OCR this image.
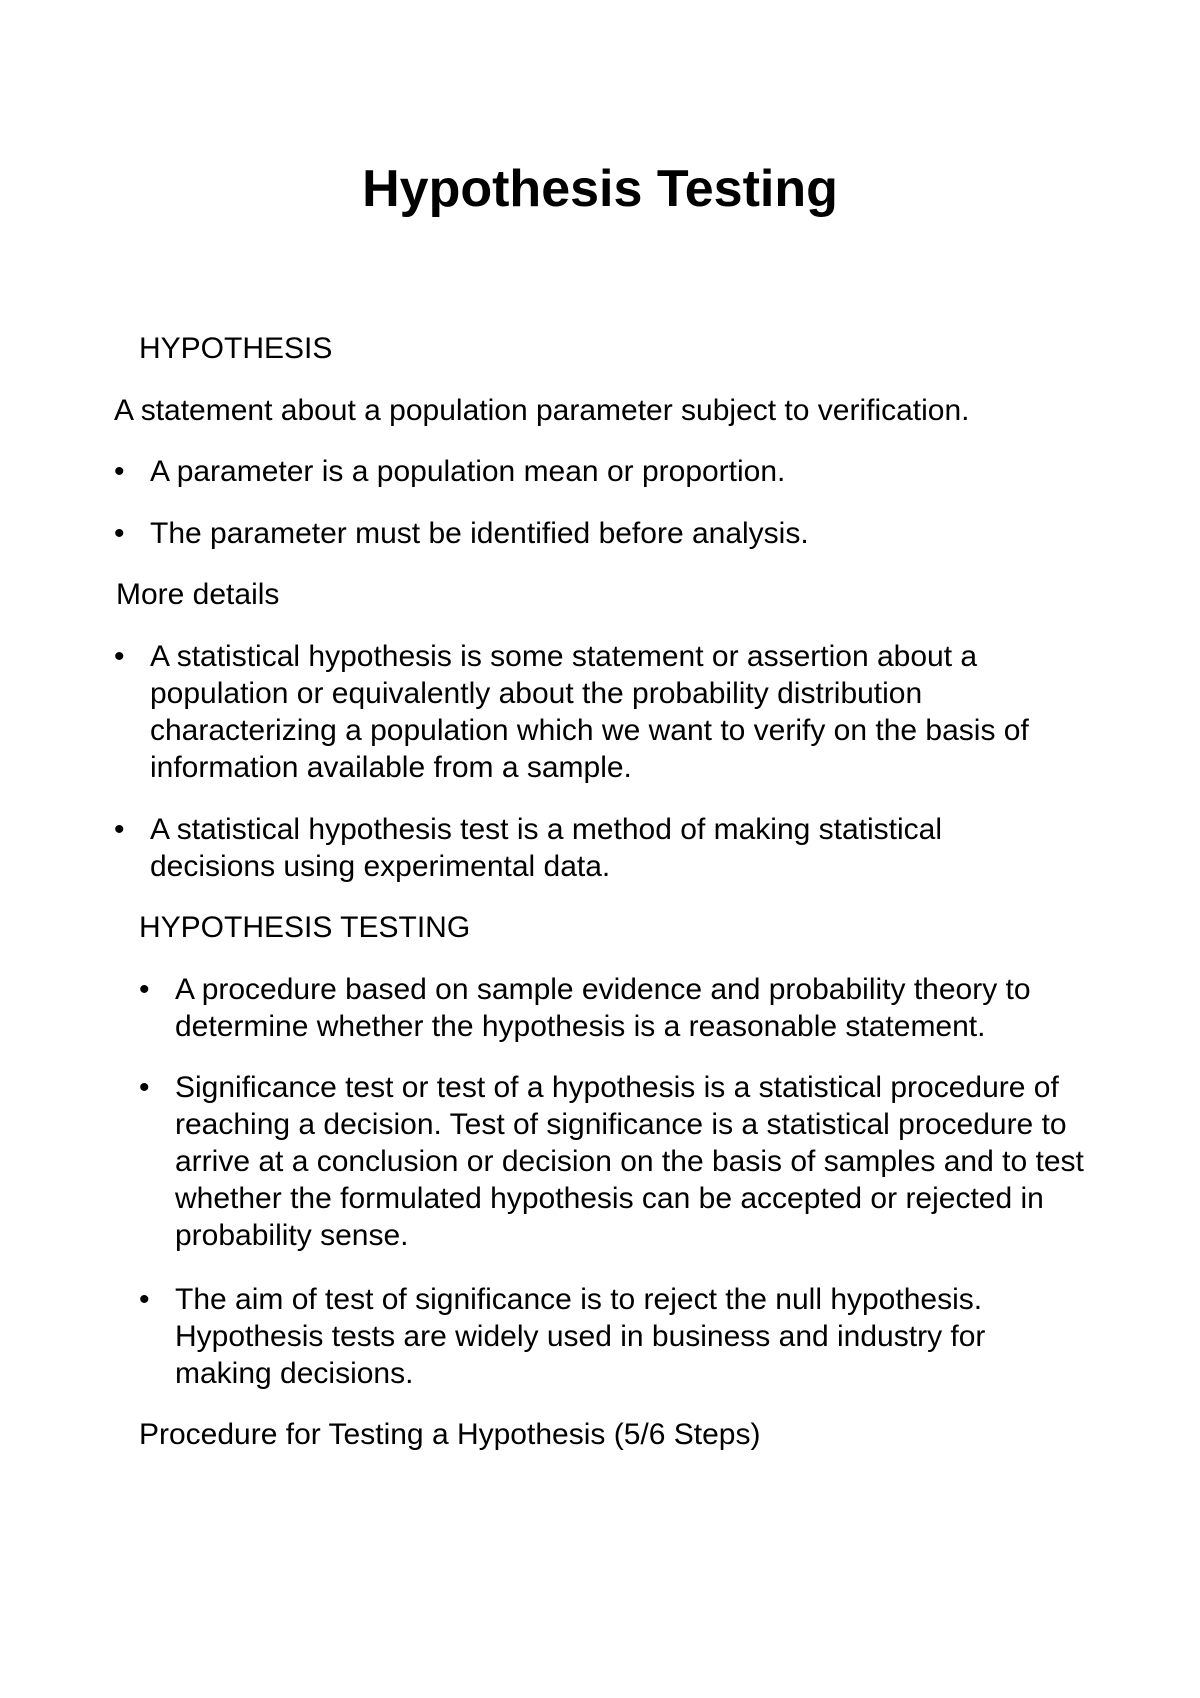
Hypothesis Testing

HYPOTHESIS

A statement about a population parameter subject to verification.

• A parameter is a population mean or proportion.

• The parameter must be identified before analysis.

More details

• A statistical hypothesis is some statement or assertion about a population or equivalently about the probability distribution characterizing a population which we want to verify on the basis of information available from a sample.

• A statistical hypothesis test is a method of making statistical decisions using experimental data.

HYPOTHESIS TESTING

• A procedure based on sample evidence and probability theory to determine whether the hypothesis is a reasonable statement.

• Significance test or test of a hypothesis is a statistical procedure of reaching a decision. Test of significance is a statistical procedure to arrive at a conclusion or decision on the basis of samples and to test whether the formulated hypothesis can be accepted or rejected in probability sense.

• The aim of test of significance is to reject the null hypothesis. Hypothesis tests are widely used in business and industry for making decisions.

Procedure for Testing a Hypothesis (5/6 Steps)
